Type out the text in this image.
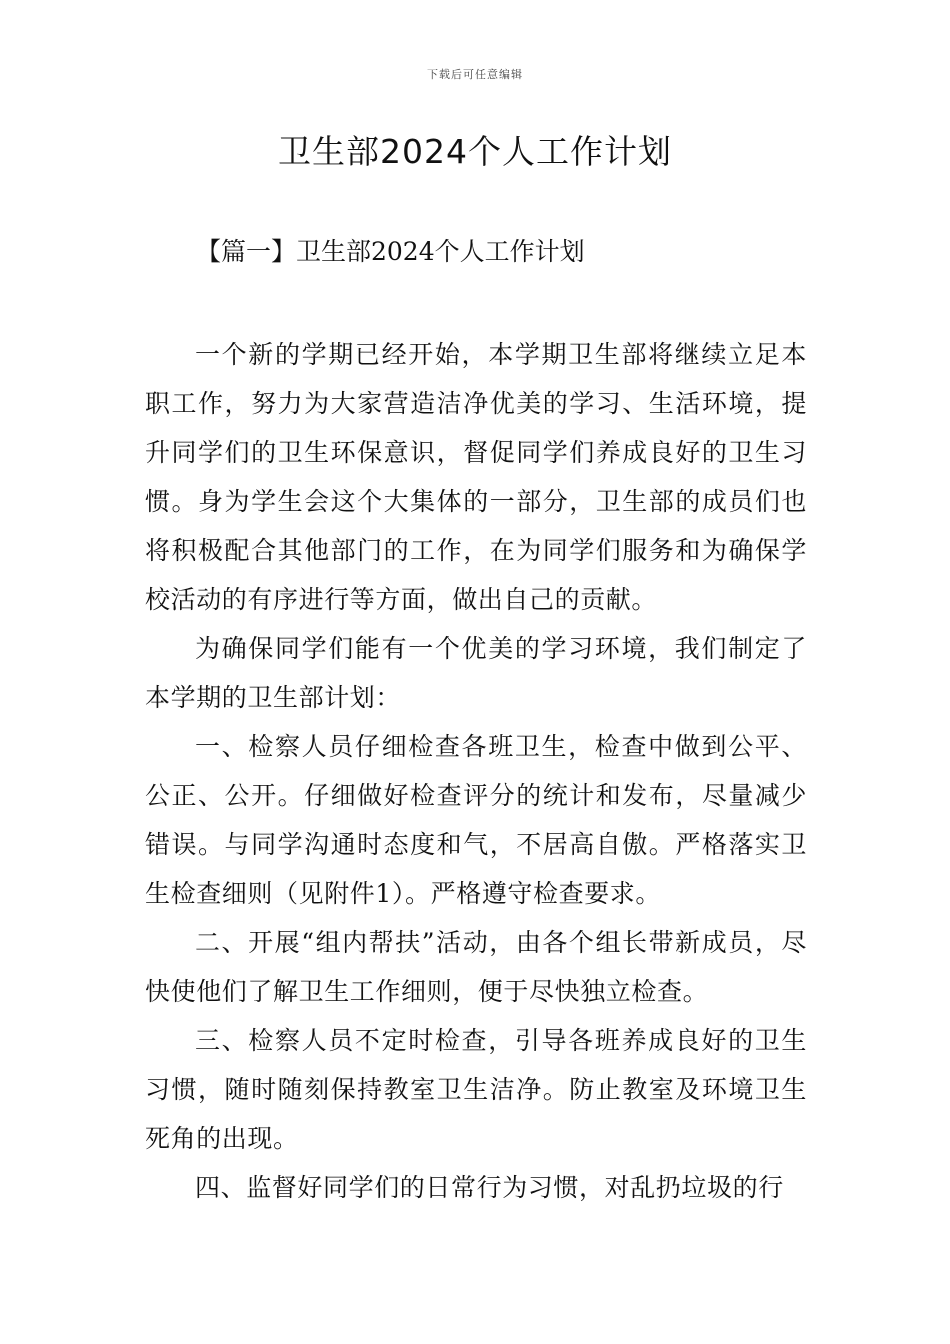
下载后可任意编辑
卫生部2024个人工作计划
【篇一】卫生部2024个人工作计划

一个新的学期已经开始，本学期卫生部将继续立足本职工作，努力为大家营造洁净优美的学习、生活环境，提升同学们的卫生环保意识，督促同学们养成良好的卫生习惯。身为学生会这个大集体的一部分，卫生部的成员们也将积极配合其他部门的工作，在为同学们服务和为确保学校活动的有序进行等方面，做出自己的贡献。

为确保同学们能有一个优美的学习环境，我们制定了本学期的卫生部计划：

一、检察人员仔细检查各班卫生，检查中做到公平、公正、公开。仔细做好检查评分的统计和发布，尽量减少错误。与同学沟通时态度和气，不居高自傲。严格落实卫生检查细则（见附件1）。严格遵守检查要求。

二、开展“组内帮扶”活动，由各个组长带新成员，尽快使他们了解卫生工作细则，便于尽快独立检查。

三、检察人员不定时检查，引导各班养成良好的卫生习惯，随时随刻保持教室卫生洁净。防止教室及环境卫生死角的出现。

四、监督好同学们的日常行为习惯，对乱扔垃圾的行
